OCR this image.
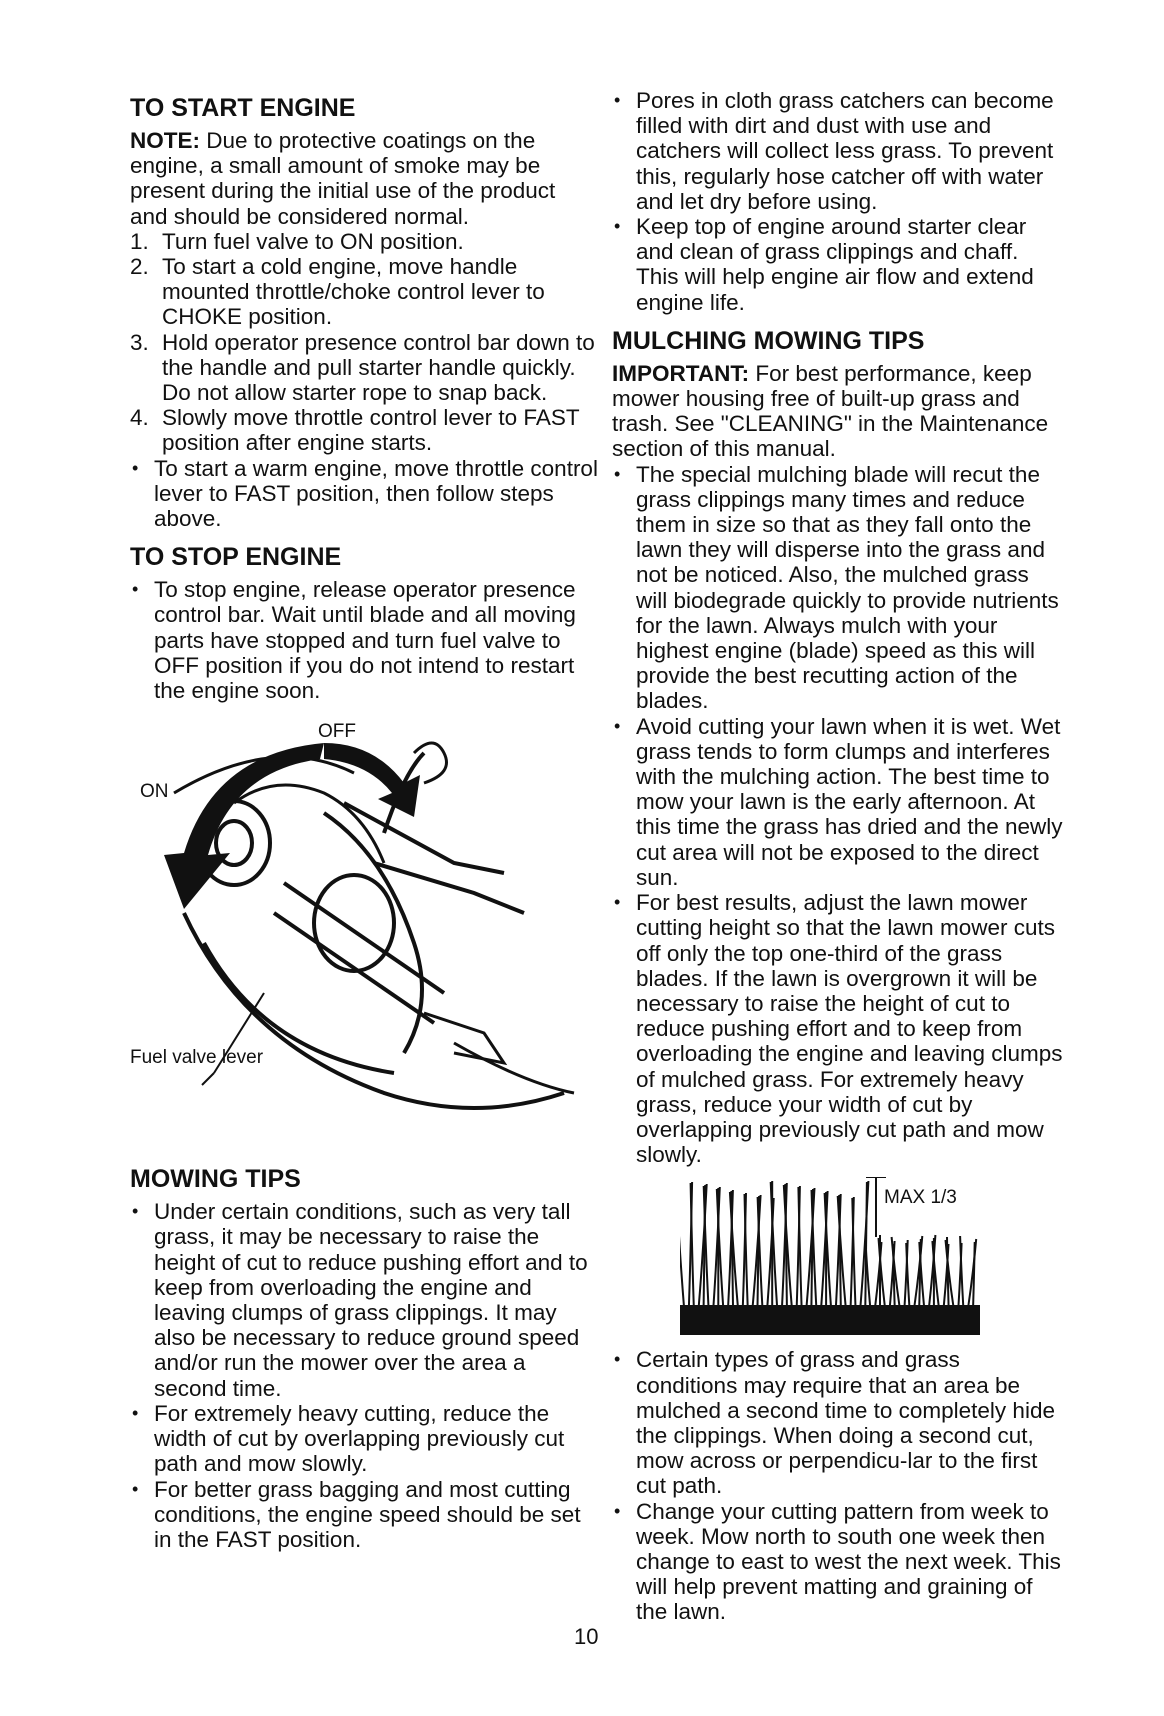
TO START ENGINE

NOTE: Due to protective coatings on the engine, a small amount of smoke may be present during the initial use of the product and should be considered normal.

1. Turn fuel valve to ON position.
2. To start a cold engine, move handle mounted throttle/choke control lever to CHOKE position.
3. Hold operator presence control bar down to the handle and pull starter handle quickly. Do not allow starter rope to snap back.
4. Slowly move throttle control lever to FAST position after engine starts.
• To start a warm engine, move throttle control lever to FAST position, then follow steps above.
TO STOP ENGINE
• To stop engine, release operator presence control bar. Wait until blade and all moving parts have stopped and turn fuel valve to OFF position if you do not intend to restart the engine soon.
ON
OFF
Fuel valve lever
MOWING TIPS
• Under certain conditions, such as very tall grass, it may be necessary to raise the height of cut to reduce pushing effort and to keep from overloading the engine and leaving clumps of grass clippings. It may also be necessary to reduce ground speed and/or run the mower over the area a second time.
• For extremely heavy cutting, reduce the width of cut by overlapping previously cut path and mow slowly.
• For better grass bagging and most cutting conditions, the engine speed should be set in the FAST position.
• Pores in cloth grass catchers can become filled with dirt and dust with use and catchers will collect less grass. To prevent this, regularly hose catcher off with water and let dry before using.
• Keep top of engine around starter clear and clean of grass clippings and chaff. This will help engine air flow and extend engine life.
MULCHING MOWING TIPS

IMPORTANT: For best performance, keep mower housing free of built-up grass and trash. See "CLEANING" in the Maintenance section of this manual.

• The special mulching blade will recut the grass clippings many times and reduce them in size so that as they fall onto the lawn they will disperse into the grass and not be noticed. Also, the mulched grass will biodegrade quickly to provide nutrients for the lawn. Always mulch with your highest engine (blade) speed as this will provide the best recutting action of the blades.
• Avoid cutting your lawn when it is wet. Wet grass tends to form clumps and interferes with the mulching action. The best time to mow your lawn is the early afternoon. At this time the grass has dried and the newly cut area will not be exposed to the direct sun.
• For best results, adjust the lawn mower cutting height so that the lawn mower cuts off only the top one-third of the grass blades. If the lawn is overgrown it will be necessary to raise the height of cut to reduce pushing effort and to keep from overloading the engine and leaving clumps of mulched grass. For extremely heavy grass, reduce your width of cut by overlapping previously cut path and mow slowly.
MAX 1/3
• Certain types of grass and grass conditions may require that an area be mulched a second time to completely hide the clippings. When doing a second cut, mow across or perpendicu-lar to the first cut path.
• Change your cutting pattern from week to week. Mow north to south one week then change to east to west the next week. This will help prevent matting and graining of the lawn.
10
